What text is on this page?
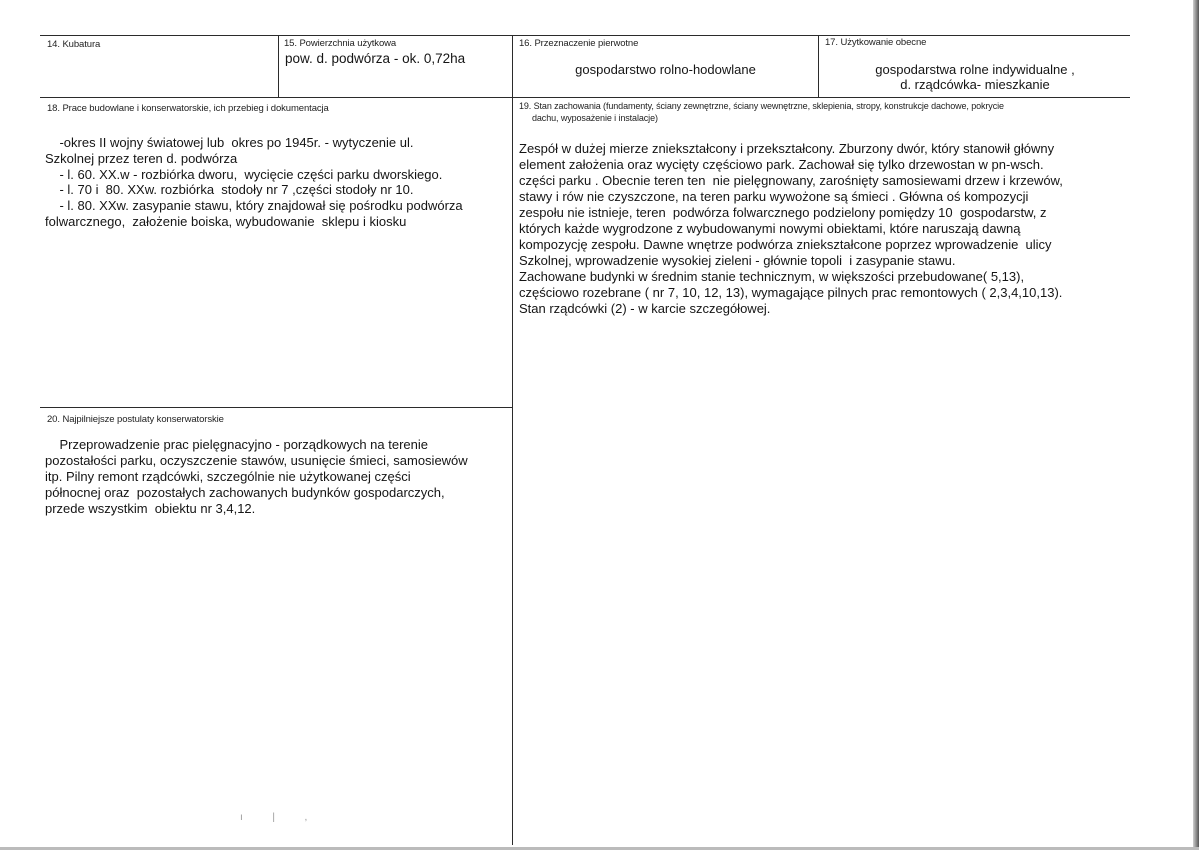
14. Kubatura	15. Powierzchnia użytkowa
pow. d. podwórza - ok. 0,72ha
16. Przeznaczenie pierwotne
gospodarstwo rolno-hodowlane
17. Użytkowanie obecne
gospodarstwa rolne indywidualne ,
d. rządcówka- mieszkanie
18. Prace budowlane i konserwatorskie, ich przebieg i dokumentacja
-okres II wojny światowej lub  okres po 1945r. - wytyczenie ul.
Szkolnej przez teren d. podwórza
- l. 60. XX.w - rozbiórka dworu,  wycięcie części parku dworskiego.
- l. 70 i  80. XXw. rozbiórka  stodoły nr 7 ,części stodoły nr 10.
- l. 80. XXw. zasypanie stawu, który znajdował się pośrodku podwórza
folwarcznego,  założenie boiska, wybudowanie  sklepu i kiosku
19. Stan zachowania (fundamenty, ściany zewnętrzne, ściany wewnętrzne, sklepienia, stropy, konstrukcje dachowe, pokrycie
dachu, wyposażenie i instalacje)
Zespół w dużej mierze zniekształcony i przekształcony. Zburzony dwór, który stanowił główny
element założenia oraz wycięty częściowo park. Zachował się tylko drzewostan w pn-wsch.
części parku . Obecnie teren ten  nie pielęgnowany, zarośnięty samosiewami drzew i krzewów,
stawy i rów nie czyszczone, na teren parku wywożone są śmieci . Główna oś kompozycji
zespołu nie istnieje, teren  podwórza folwarcznego podzielony pomiędzy 10  gospodarstw, z
których każde wygrodzone z wybudowanymi nowymi obiektami, które naruszają dawną
kompozycję zespołu. Dawne wnętrze podwórza zniekształcone poprzez wprowadzenie  ulicy
Szkolnej, wprowadzenie wysokiej zieleni - głównie topoli  i zasypanie stawu.
Zachowane budynki w średnim stanie technicznym, w większości przebudowane( 5,13),
częściowo rozebrane ( nr 7, 10, 12, 13), wymagające pilnych prac remontowych ( 2,3,4,10,13).
Stan rządcówki (2) - w karcie szczegółowej.
20. Najpilniejsze postulaty konserwatorskie
Przeprowadzenie prac pielęgnacyjno - porządkowych na terenie
pozostałości parku, oczyszczenie stawów, usunięcie śmieci, samosiewów
itp. Pilny remont rządcówki, szczególnie nie użytkowanej części
północnej oraz  pozostałych zachowanych budynków gospodarczych,
przede wszystkim  obiektu nr 3,4,12.
ı  |  ,
